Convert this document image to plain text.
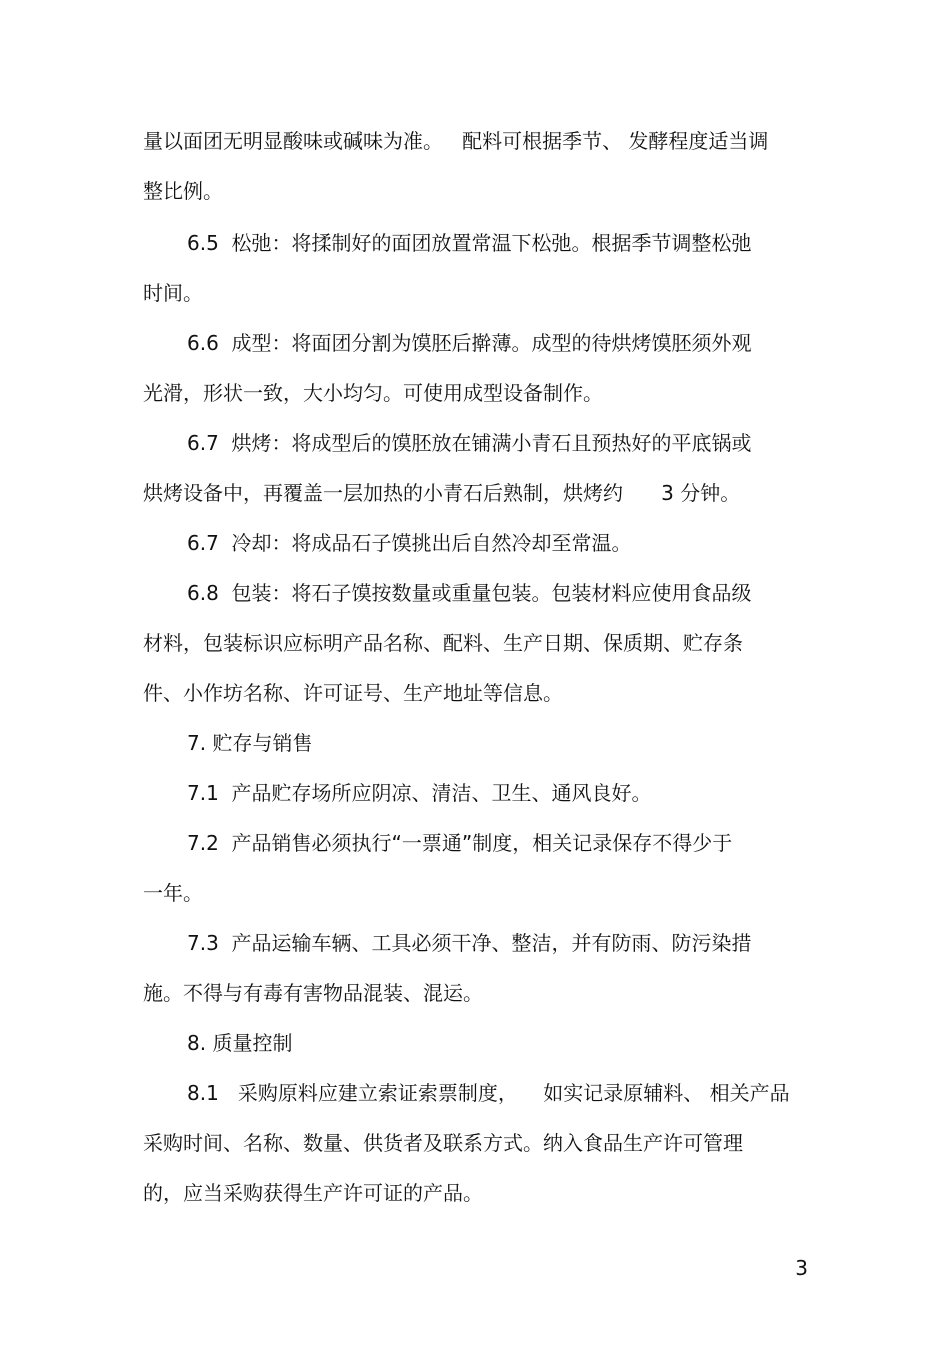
量以面团无明显酸味或碱味为准。   配料可根据季节、 发酵程度适当调
整比例。
6.5  松弛：将揉制好的面团放置常温下松弛。根据季节调整松弛
时间。
6.6  成型：将面团分割为馍胚后擀薄。成型的待烘烤馍胚须外观
光滑，形状一致，大小均匀。可使用成型设备制作。
6.7  烘烤：将成型后的馍胚放在铺满小青石且预热好的平底锅或
烘烤设备中，再覆盖一层加热的小青石后熟制，烘烤约      3 分钟。
6.7  冷却：将成品石子馍挑出后自然冷却至常温。
6.8  包装：将石子馍按数量或重量包装。包装材料应使用食品级
材料，包装标识应标明产品名称、配料、生产日期、保质期、贮存条
件、小作坊名称、许可证号、生产地址等信息。
7. 贮存与销售
7.1  产品贮存场所应阴凉、清洁、卫生、通风良好。
7.2  产品销售必须执行“一票通”制度，相关记录保存不得少于
一年。
7.3  产品运输车辆、工具必须干净、整洁，并有防雨、防污染措
施。不得与有毒有害物品混装、混运。
8. 质量控制
8.1   采购原料应建立索证索票制度，    如实记录原辅料、 相关产品
采购时间、名称、数量、供货者及联系方式。纳入食品生产许可管理
的，应当采购获得生产许可证的产品。
3
